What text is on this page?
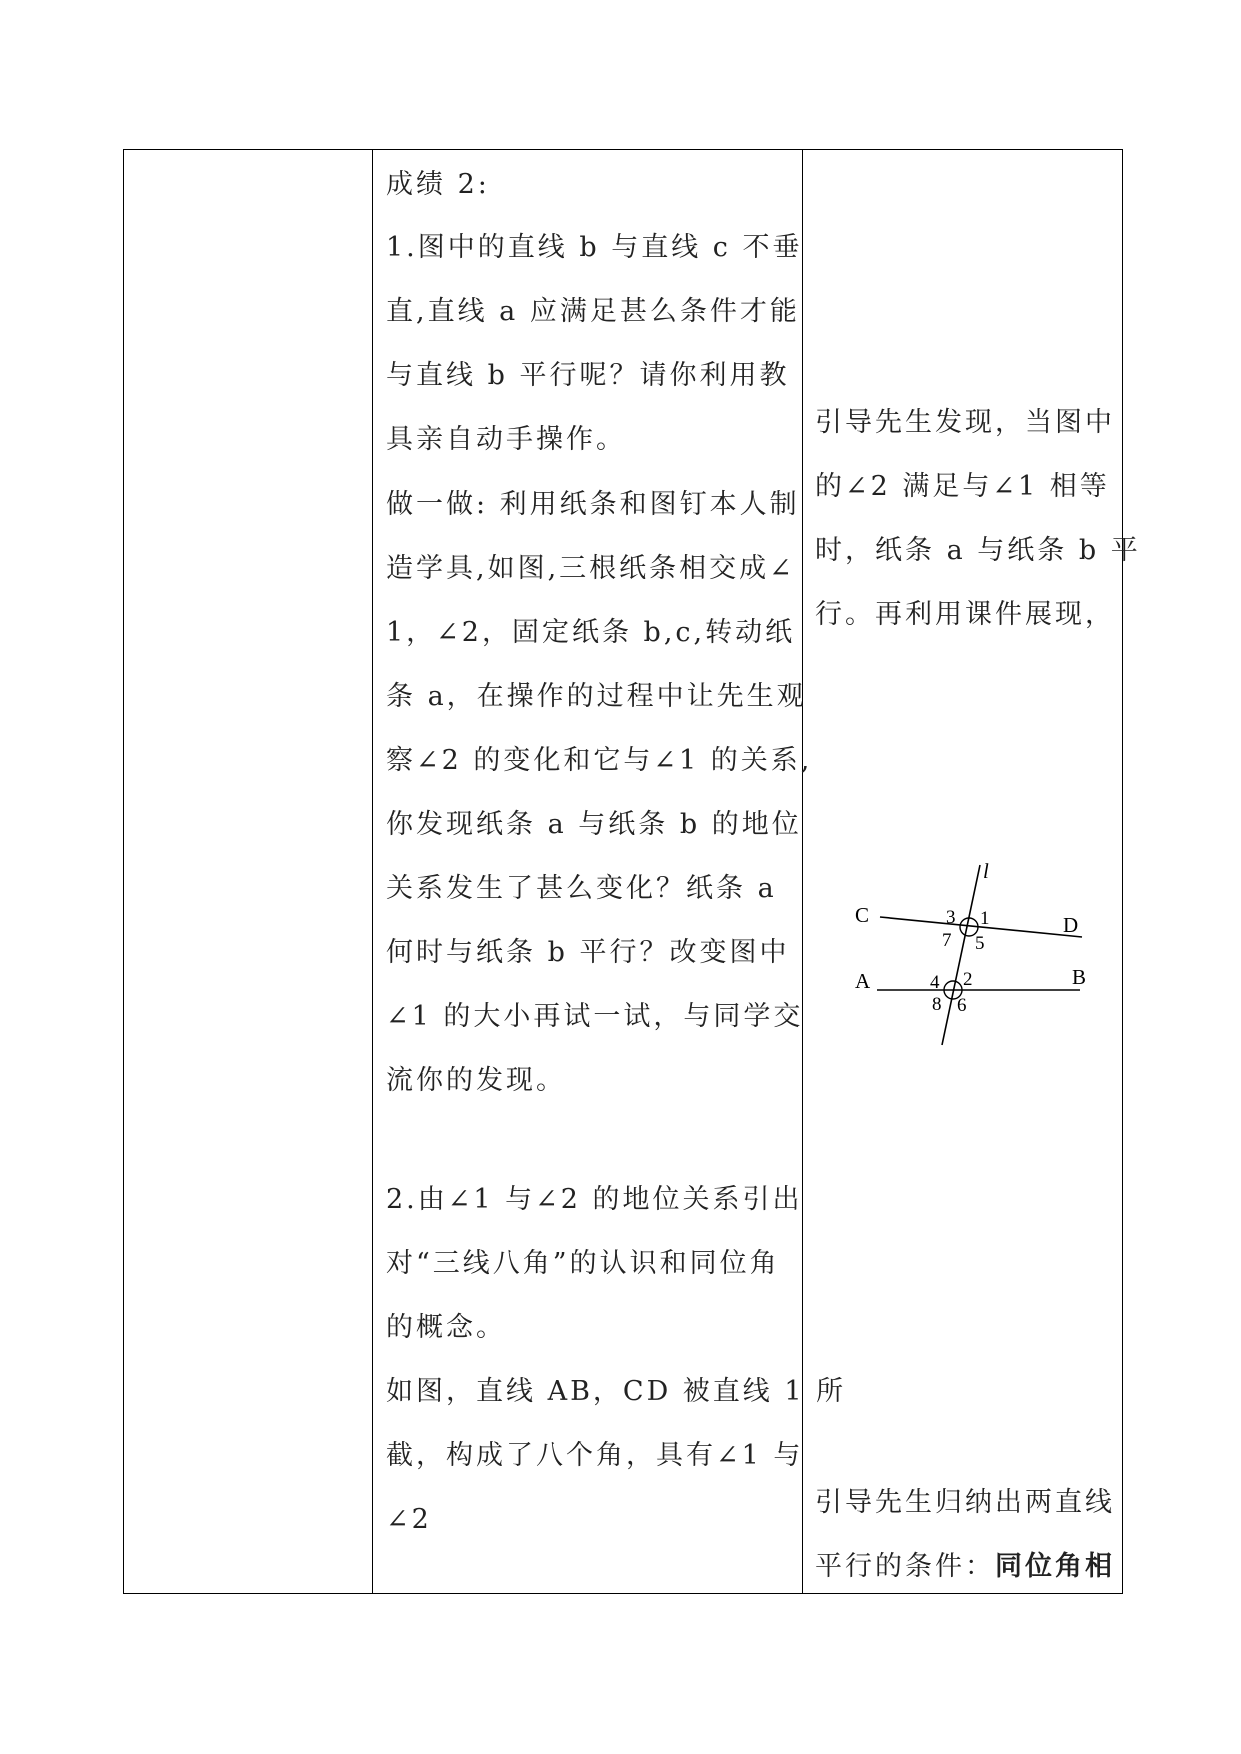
成绩 2:
1.图中的直线 b 与直线 c 不垂
直,直线 a 应满足甚么条件才能
与直线 b 平行呢？请你利用教
具亲自动手操作。
做一做: 利用纸条和图钉本人制
造学具,如图,三根纸条相交成∠
1，∠2，固定纸条 b,c,转动纸
条 a，在操作的过程中让先生观
察∠2 的变化和它与∠1 的关系,
你发现纸条 a 与纸条 b 的地位
关系发生了甚么变化？纸条 a
何时与纸条 b 平行？改变图中
∠1 的大小再试一试，与同学交
流你的发现。
2.由∠1 与∠2 的地位关系引出
对“三线八角”的认识和同位角
的概念。
如图，直线 AB，CD 被直线 1 所
截，构成了八个角，具有∠1 与
∠2
引导先生发现，当图中
的∠2 满足与∠1 相等
时，纸条 a 与纸条 b 平
行。再利用课件展现，
引导先生归纳出两直线
平行的条件：同位角相
l
C	D
A	B
3 1
7 5
4 2
8 6
